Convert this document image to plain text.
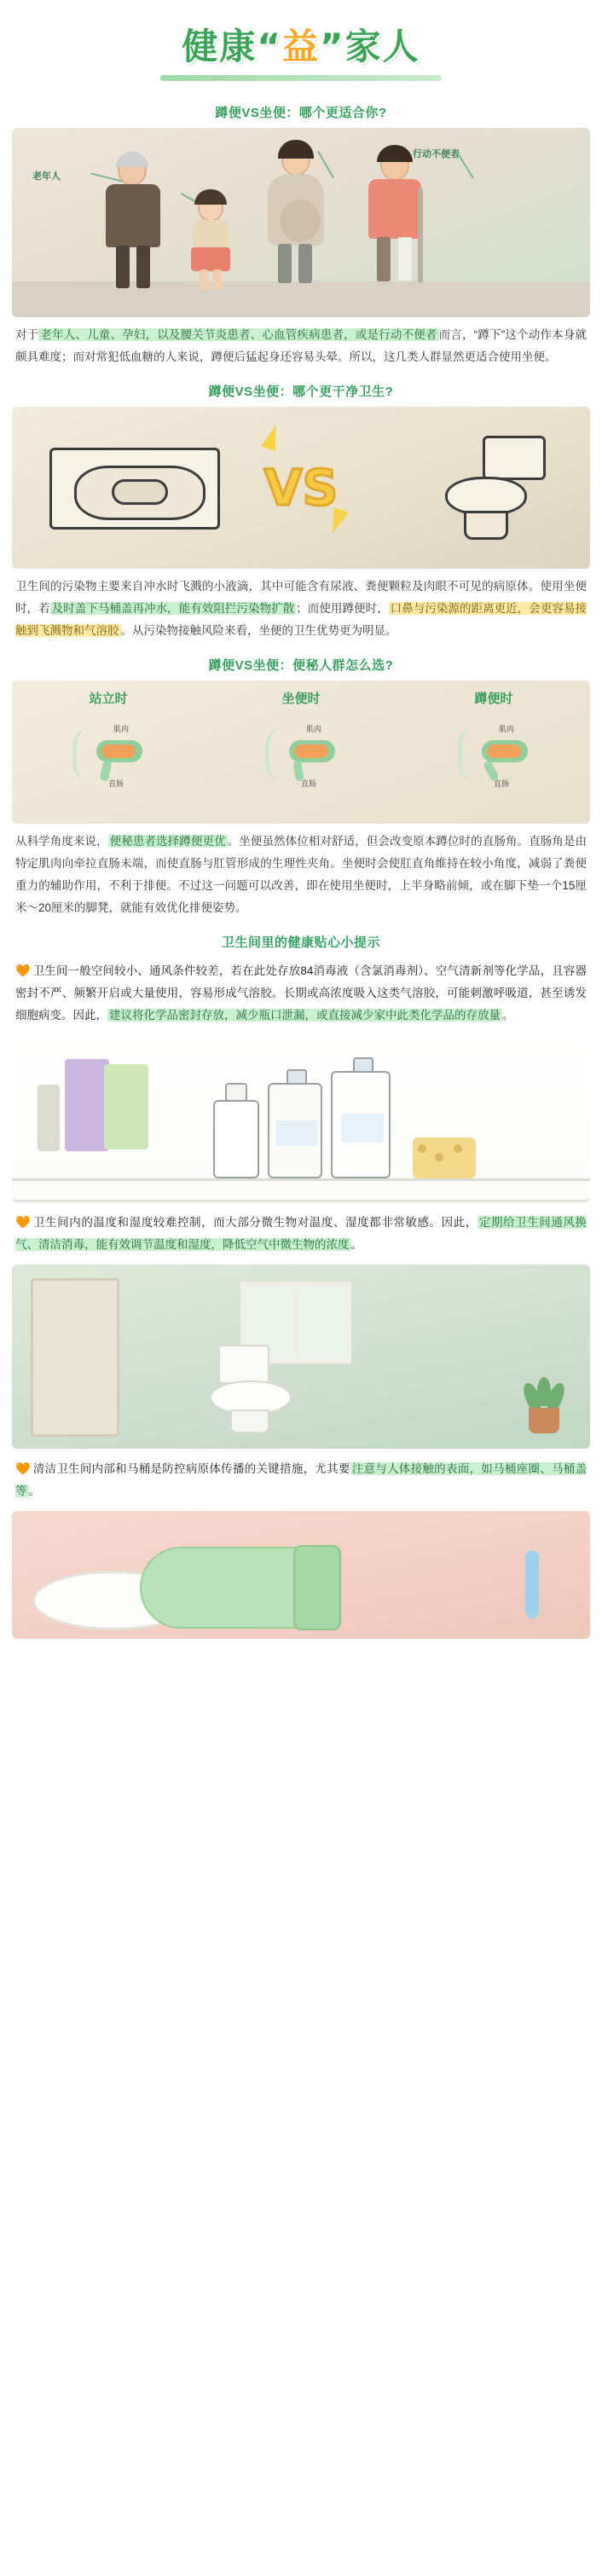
健康“益”家人
蹲便VS坐便：哪个更适合你?
老年人
行动不便者

对于 老年人、儿童、孕妇，以及腰关节炎患者、心血管疾病患者，或是行动不便者 而言，“蹲下”这个动作本身就颇具难度；而对常犯低血糖的人来说，蹲便后猛起身还容易头晕。所以，这几类人群显然更适合使用坐便。

蹲便VS坐便：哪个更干净卫生?
VS

卫生间的污染物主要来自冲水时飞溅的小液滴，其中可能含有尿液、粪便颗粒及肉眼不可见的病原体。使用坐便时，若 及时盖下马桶盖再冲水，能有效阻拦污染物扩散 ；而使用蹲便时， 口鼻与污染源的距离更近，会更容易接触到飞溅物和气溶胶 。从污染物接触风险来看，坐便的卫生优势更为明显。

蹲便VS坐便：便秘人群怎么选?
站立时
肌肉
直肠
坐便时
肌肉
直肠
蹲便时
肌肉
直肠

从科学角度来说， 便秘患者选择蹲便更优 。坐便虽然体位相对舒适，但会改变原本蹲位时的直肠角。直肠角是由特定肌肉向牵拉直肠未端，而使直肠与肛管形成的生理性夹角。坐便时会使肛直角维持在较小角度，减弱了粪便重力的辅助作用，不利于排便。不过这一问题可以改善，即在使用坐便时，上半身略前倾，或在脚下垫一个15厘米～20厘米的脚凳，就能有效优化排便姿势。

卫生间里的健康贴心小提示
🧡 卫生间一般空间较小、通风条件较差，若在此处存放84消毒液（含氯消毒剂）、空气清新剂等化学品，且容器密封不严、频繁开启或大量使用，容易形成气溶胶。长期或高浓度吸入这类气溶胶，可能刺激呼吸道，甚至诱发细胞病变。因此， 建议将化学品密封存放，减少瓶口泄漏，或直接减少家中此类化学品的存放量 。
🧡 卫生间内的温度和湿度较难控制，而大部分微生物对温度、湿度都非常敏感。因此， 定期给卫生间通风换气、清洁消毒，能有效调节温度和湿度，降低空气中微生物的浓度 。
🧡 清洁卫生间内部和马桶是防控病原体传播的关键措施，尤其要 注意与人体接触的表面，如马桶座圈、马桶盖等 。
